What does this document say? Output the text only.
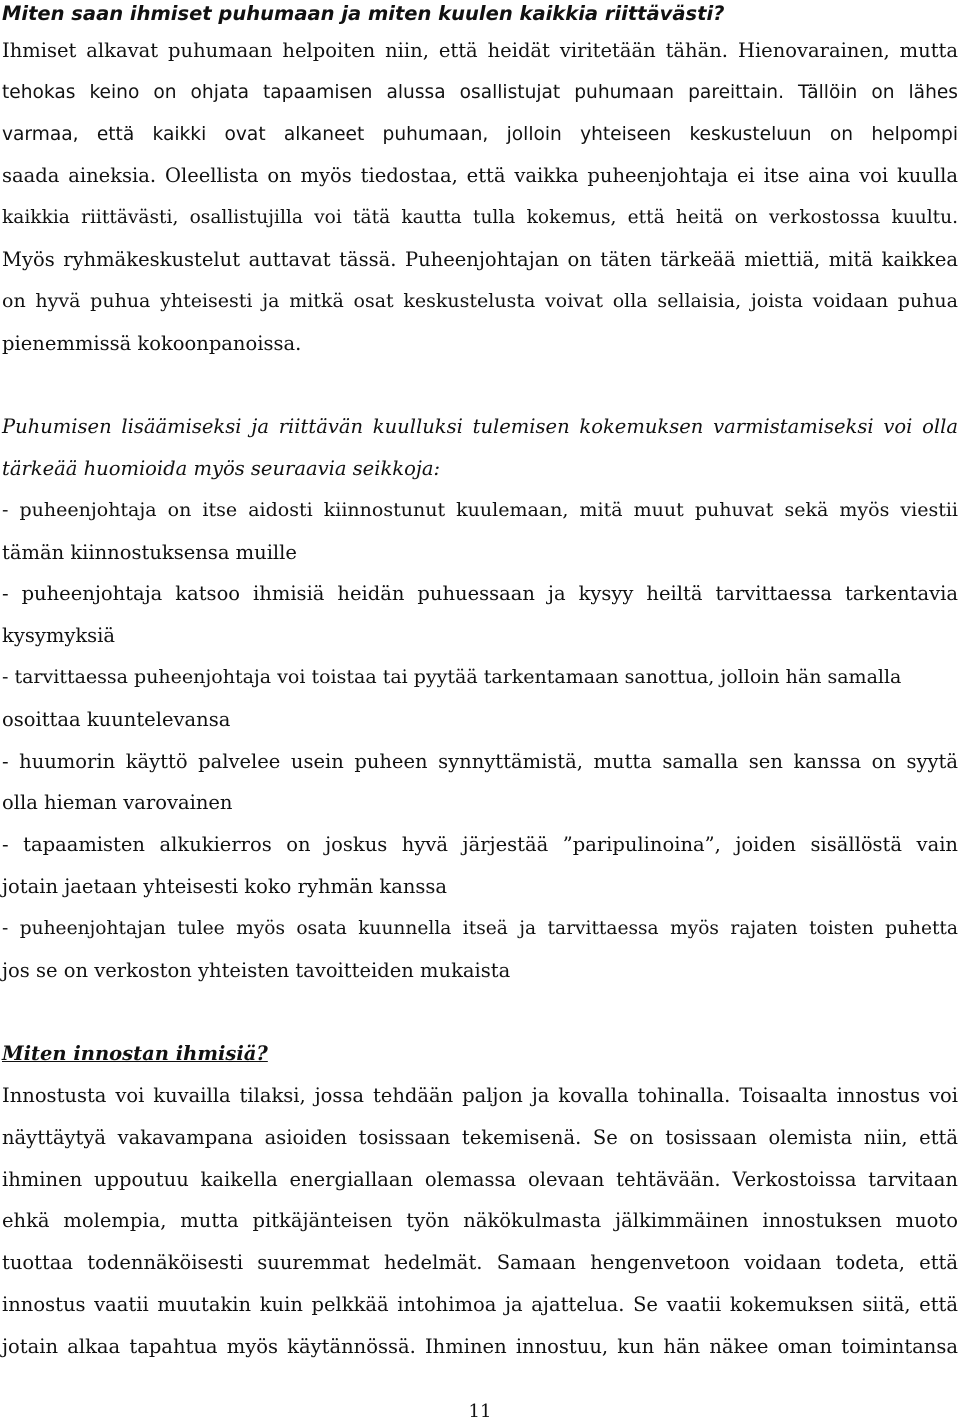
Miten saan ihmiset puhumaan ja miten kuulen kaikkia riittävästi?
Ihmiset alkavat puhumaan helpoiten niin, että heidät viritetään tähän. Hienovarainen, mutta
tehokas keino on ohjata tapaamisen alussa osallistujat puhumaan pareittain. Tällöin on lähes
varmaa, että kaikki ovat alkaneet puhumaan, jolloin yhteiseen keskusteluun on helpompi
saada aineksia. Oleellista on myös tiedostaa, että vaikka puheenjohtaja ei itse aina voi kuulla
kaikkia riittävästi, osallistujilla voi tätä kautta tulla kokemus, että heitä on verkostossa kuultu.
Myös ryhmäkeskustelut auttavat tässä. Puheenjohtajan on täten tärkeää miettiä, mitä kaikkea
on hyvä puhua yhteisesti ja mitkä osat keskustelusta voivat olla sellaisia, joista voidaan puhua
pienemmissä kokoonpanoissa.
Puhumisen lisäämiseksi ja riittävän kuulluksi tulemisen kokemuksen varmistamiseksi voi olla
tärkeää huomioida myös seuraavia seikkoja:
- puheenjohtaja on itse aidosti kiinnostunut kuulemaan, mitä muut puhuvat sekä myös viestii
tämän kiinnostuksensa muille
- puheenjohtaja katsoo ihmisiä heidän puhuessaan ja kysyy heiltä tarvittaessa tarkentavia
kysymyksiä
- tarvittaessa puheenjohtaja voi toistaa tai pyytää tarkentamaan sanottua, jolloin hän samalla
osoittaa kuuntelevansa
- huumorin käyttö palvelee usein puheen synnyttämistä, mutta samalla sen kanssa on syytä
olla hieman varovainen
- tapaamisten alkukierros on joskus hyvä järjestää ”paripulinoina”, joiden sisällöstä vain
jotain jaetaan yhteisesti koko ryhmän kanssa
- puheenjohtajan tulee myös osata kuunnella itseä ja tarvittaessa myös rajaten toisten puhetta
jos se on verkoston yhteisten tavoitteiden mukaista
Miten innostan ihmisiä?
Innostusta voi kuvailla tilaksi, jossa tehdään paljon ja kovalla tohinalla. Toisaalta innostus voi
näyttäytyä vakavampana asioiden tosissaan tekemisenä. Se on tosissaan olemista niin, että
ihminen uppoutuu kaikella energiallaan olemassa olevaan tehtävään. Verkostoissa tarvitaan
ehkä molempia, mutta pitkäjänteisen työn näkökulmasta jälkimmäinen innostuksen muoto
tuottaa todennäköisesti suuremmat hedelmät. Samaan hengenvetoon voidaan todeta, että
innostus vaatii muutakin kuin pelkkää intohimoa ja ajattelua. Se vaatii kokemuksen siitä, että
jotain alkaa tapahtua myös käytännössä. Ihminen innostuu, kun hän näkee oman toimintansa
11
